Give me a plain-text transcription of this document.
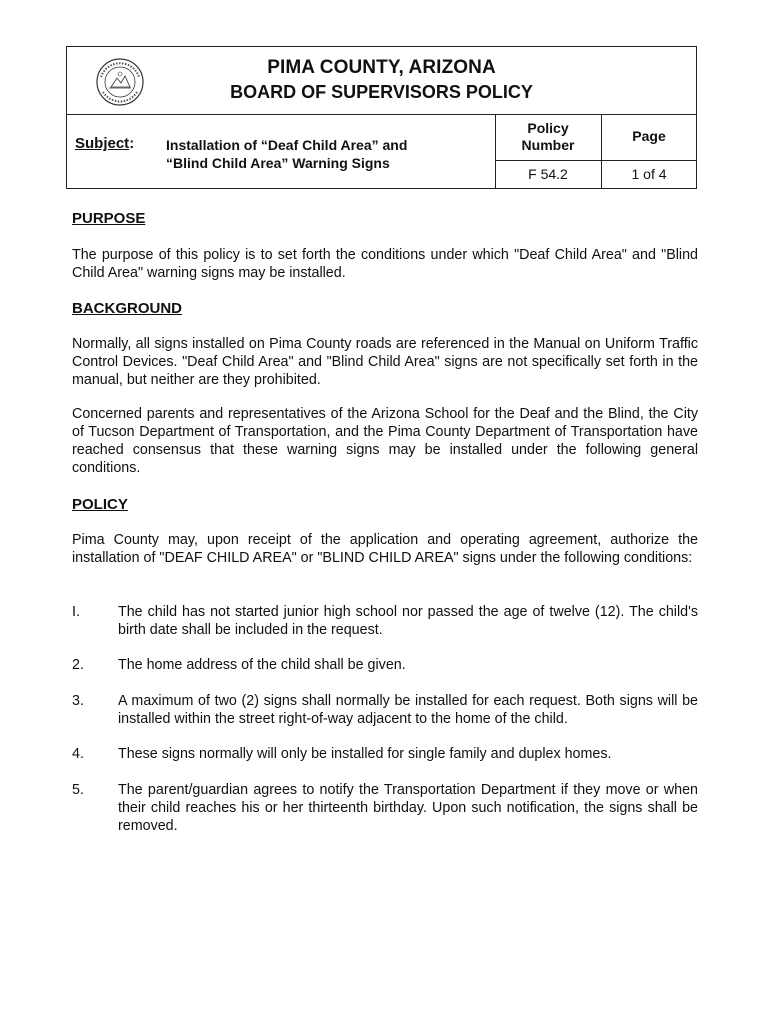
PIMA COUNTY, ARIZONA
BOARD OF SUPERVISORS POLICY
Subject: Installation of “Deaf Child Area” and
“Blind Child Area” Warning Signs
Policy
Number
Page
F 54.2	1 of 4
PURPOSE
The purpose of this policy is to set forth the conditions under which "Deaf Child Area" and "Blind Child Area" warning signs may be installed.
BACKGROUND
Normally, all signs installed on Pima County roads are referenced in the Manual on Uniform Traffic Control Devices. "Deaf Child Area" and "Blind Child Area" signs are not specifically set forth in the manual, but neither are they prohibited.
Concerned parents and representatives of the Arizona School for the Deaf and the Blind, the City of Tucson Department of Transportation, and the Pima County Department of Transportation have reached consensus that these warning signs may be installed under the following general conditions.
POLICY
Pima County may, upon receipt of the application and operating agreement, authorize the installation of "DEAF CHILD AREA" or "BLIND CHILD AREA" signs under the following conditions:
I.	The child has not started junior high school nor passed the age of twelve (12). The child's birth date shall be included in the request.
2. The home address of the child shall be given.
3. A maximum of two (2) signs shall normally be installed for each request. Both signs will be installed within the street right-of-way adjacent to the home of the child.
4. These signs normally will only be installed for single family and duplex homes.
5. The parent/guardian agrees to notify the Transportation Department if they move or when their child reaches his or her thirteenth birthday. Upon such notification, the signs shall be removed.
